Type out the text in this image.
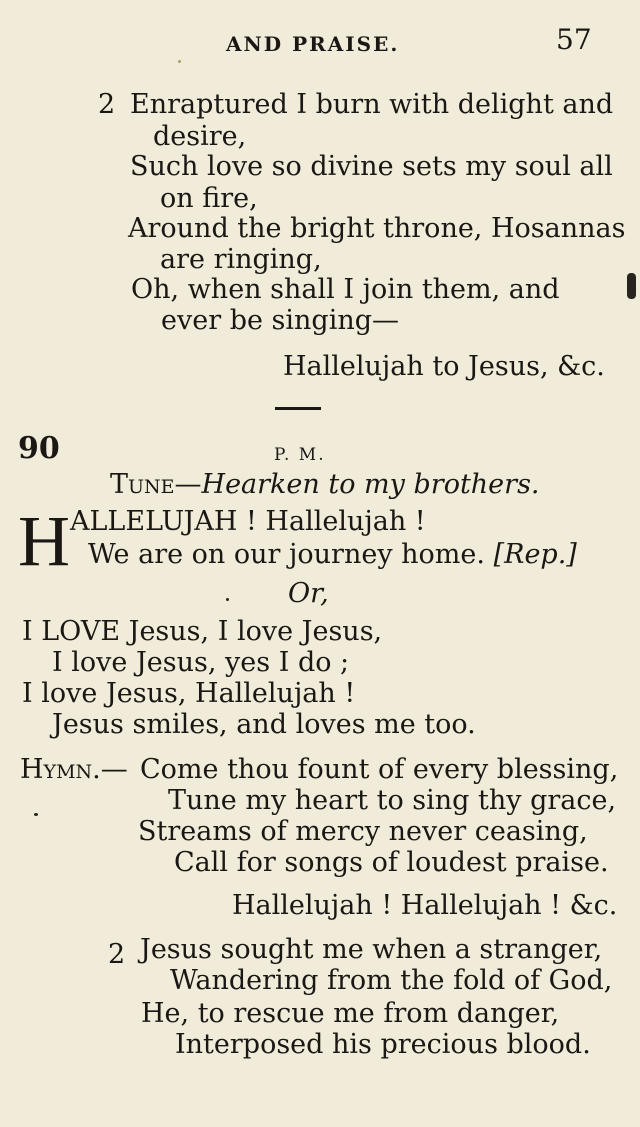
AND PRAISE.	57
2 Enraptured I burn with delight and
desire,
Such love so divine sets my soul all
on fire,
Around the bright throne, Hosannas
are ringing,
Oh, when shall I join them, and
ever be singing—
Hallelujah to Jesus, &c.
90	P. M.
Tune—Hearken to my brothers.
H ALLELUJAH ! Hallelujah !
We are on our journey home. [Rep.]
Or,
I LOVE Jesus, I love Jesus,
I love Jesus, yes I do ;
I love Jesus, Hallelujah !
Jesus smiles, and loves me too.
Hymn.— Come thou fount of every blessing,
Tune my heart to sing thy grace,
Streams of mercy never ceasing,
Call for songs of loudest praise.
Hallelujah ! Hallelujah ! &c.
2 Jesus sought me when a stranger,
Wandering from the fold of God,
He, to rescue me from danger,
Interposed his precious blood.
